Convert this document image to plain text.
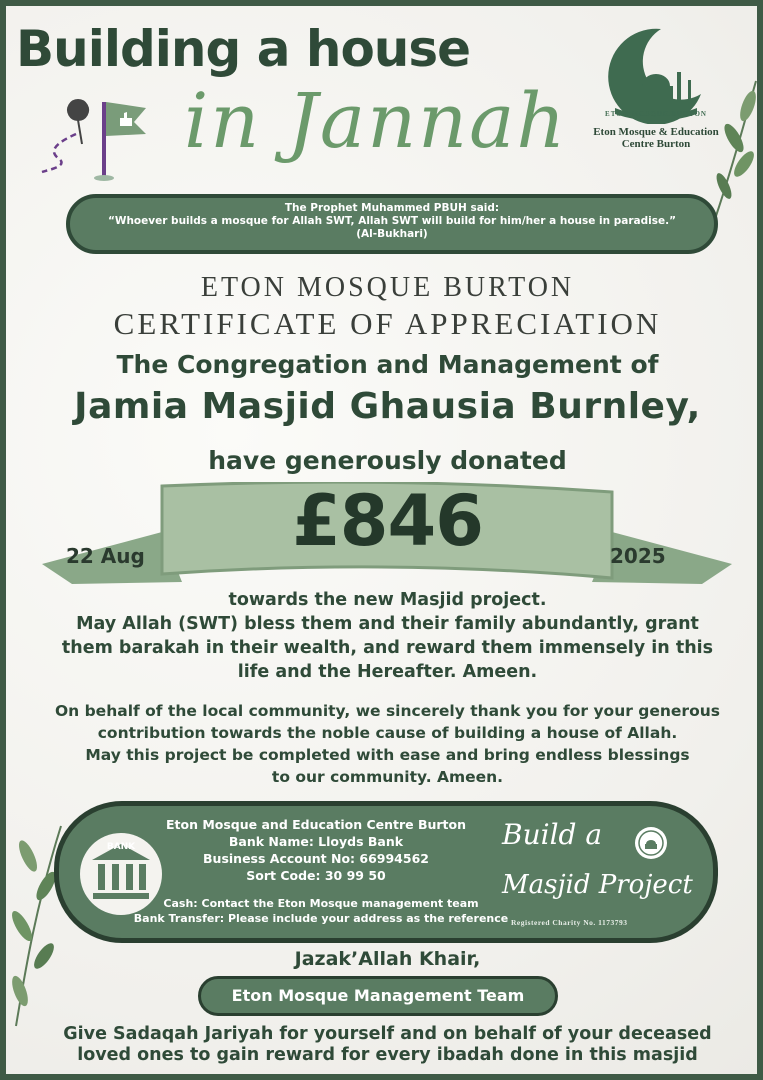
Building a house
in Jannah	ETON MOSQUE BURTON
Eton Mosque & Education
Centre Burton
The Prophet Muhammed PBUH said:
“Whoever builds a mosque for Allah SWT, Allah SWT will build for him/her a house in paradise.”
(Al-Bukhari)
ETON MOSQUE BURTON
CERTIFICATE OF APPRECIATION
The Congregation and Management of
Jamia Masjid Ghausia Burnley,
have generously donated
£846
22 Aug	2025
towards the new Masjid project.
May Allah (SWT) bless them and their family abundantly, grant
them barakah in their wealth, and reward them immensely in this
life and the Hereafter. Ameen.
On behalf of the local community, we sincerely thank you for your generous
contribution towards the noble cause of building a house of Allah.
May this project be completed with ease and bring endless blessings
to our community. Ameen.
BANK
Eton Mosque and Education Centre Burton
Bank Name: Lloyds Bank
Business Account No: 66994562
Sort Code: 30 99 50
Cash: Contact the Eton Mosque management team
Bank Transfer: Please include your address as the reference
Build a
Masjid Project
Registered Charity No. 1173793
Jazak’Allah Khair,
Eton Mosque Management Team
Give Sadaqah Jariyah for yourself and on behalf of your deceased
loved ones to gain reward for every ibadah done in this masjid
